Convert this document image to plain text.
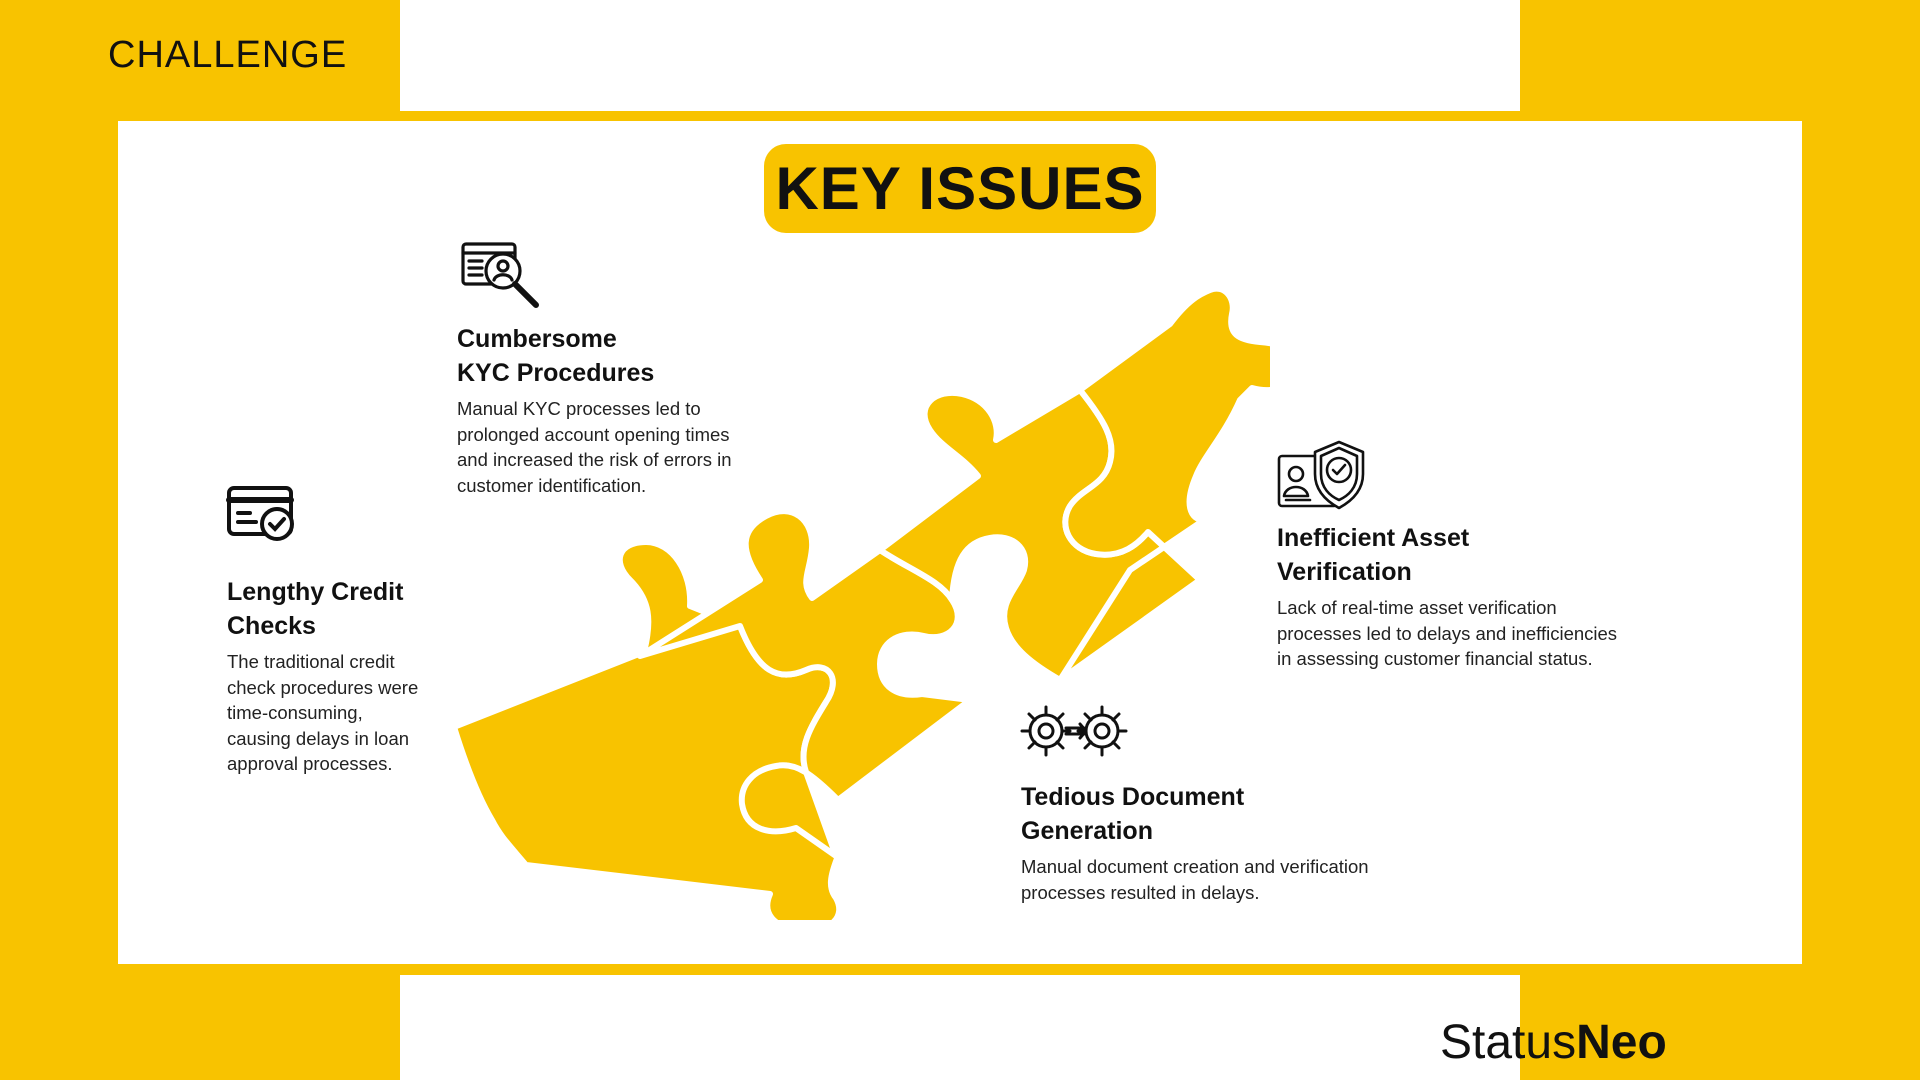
CHALLENGE
KEY ISSUES
Cumbersome
KYC Procedures

Manual KYC processes led to prolonged account opening times and increased the risk of errors in customer identification.

Lengthy Credit
Checks

The traditional credit check procedures were time-consuming, causing delays in loan approval processes.

Inefficient Asset
Verification

Lack of real-time asset verification processes led to delays and inefficiencies in assessing customer financial status.

Tedious Document
Generation

Manual document creation and verification processes resulted in delays.

StatusNeo
